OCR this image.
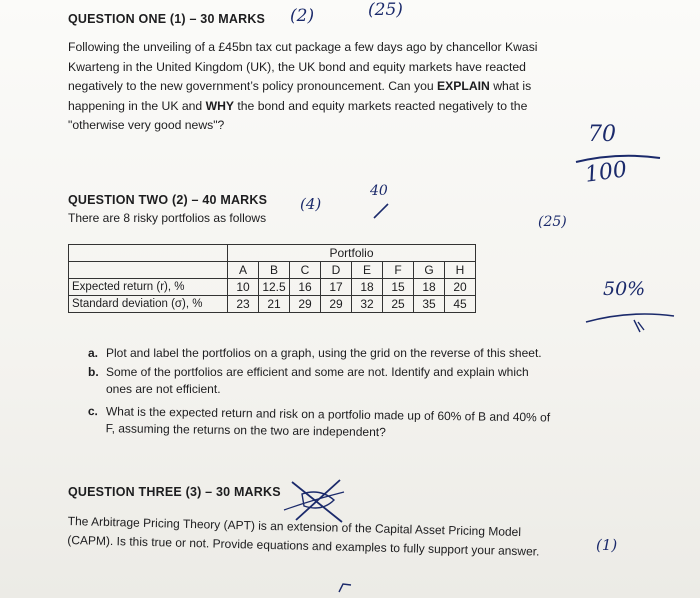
QUESTION ONE (1) – 30 MARKS (2)	(25)
Following the unveiling of a £45bn tax cut package a few days ago by chancellor Kwasi
Kwarteng in the United Kingdom (UK), the UK bond and equity markets have reacted
negatively to the new government’s policy pronouncement. Can you EXPLAIN what is
happening in the UK and WHY the bond and equity markets reacted negatively to the
"otherwise very good news"?	70
100
QUESTION TWO (2) – 40 MARKS
There are 8 risky portfolios as follows
(4)
40
(25)
	Portfolio							
	A	B	C	D	E	F	G	H
Expected return (r), %	10	12.5	16	17	18	15	18	20
Standard deviation (σ), %	23	21	29	29	32	25	35	45
50%
a. Plot and label the portfolios on a graph, using the grid on the reverse of this sheet.
b. Some of the portfolios are efficient and some are not. Identify and explain which
ones are not efficient.
c. What is the expected return and risk on a portfolio made up of 60% of B and 40% of
F, assuming the returns on the two are independent?
QUESTION THREE (3) – 30 MARKS
The Arbitrage Pricing Theory (APT) is an extension of the Capital Asset Pricing Model
(CAPM). Is this true or not. Provide equations and examples to fully support your answer.	(1)
